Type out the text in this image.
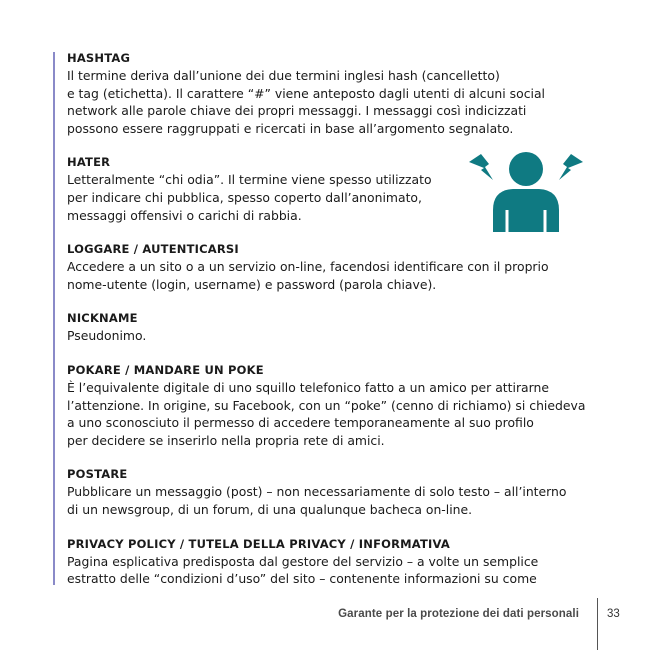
HASHTAG
Il termine deriva dall’unione dei due termini inglesi hash (cancelletto)
e tag (etichetta). Il carattere “#” viene anteposto dagli utenti di alcuni social
network alle parole chiave dei propri messaggi. I messaggi così indicizzati
possono essere raggruppati e ricercati in base all’argomento segnalato.
HATER
Letteralmente “chi odia”. Il termine viene spesso utilizzato
per indicare chi pubblica, spesso coperto dall’anonimato,
messaggi offensivi o carichi di rabbia.
LOGGARE / AUTENTICARSI
Accedere a un sito o a un servizio on-line, facendosi identificare con il proprio
nome-utente (login, username) e password (parola chiave).
NICKNAME
Pseudonimo.
POKARE / MANDARE UN POKE
È l’equivalente digitale di uno squillo telefonico fatto a un amico per attirarne
l’attenzione. In origine, su Facebook, con un “poke” (cenno di richiamo) si chiedeva
a uno sconosciuto il permesso di accedere temporaneamente al suo profilo
per decidere se inserirlo nella propria rete di amici.
POSTARE
Pubblicare un messaggio (post) – non necessariamente di solo testo – all’interno
di un newsgroup, di un forum, di una qualunque bacheca on-line.
PRIVACY POLICY / TUTELA DELLA PRIVACY / INFORMATIVA
Pagina esplicativa predisposta dal gestore del servizio – a volte un semplice
estratto delle “condizioni d’uso” del sito – contenente informazioni su come
Garante per la protezione dei dati personali 33
